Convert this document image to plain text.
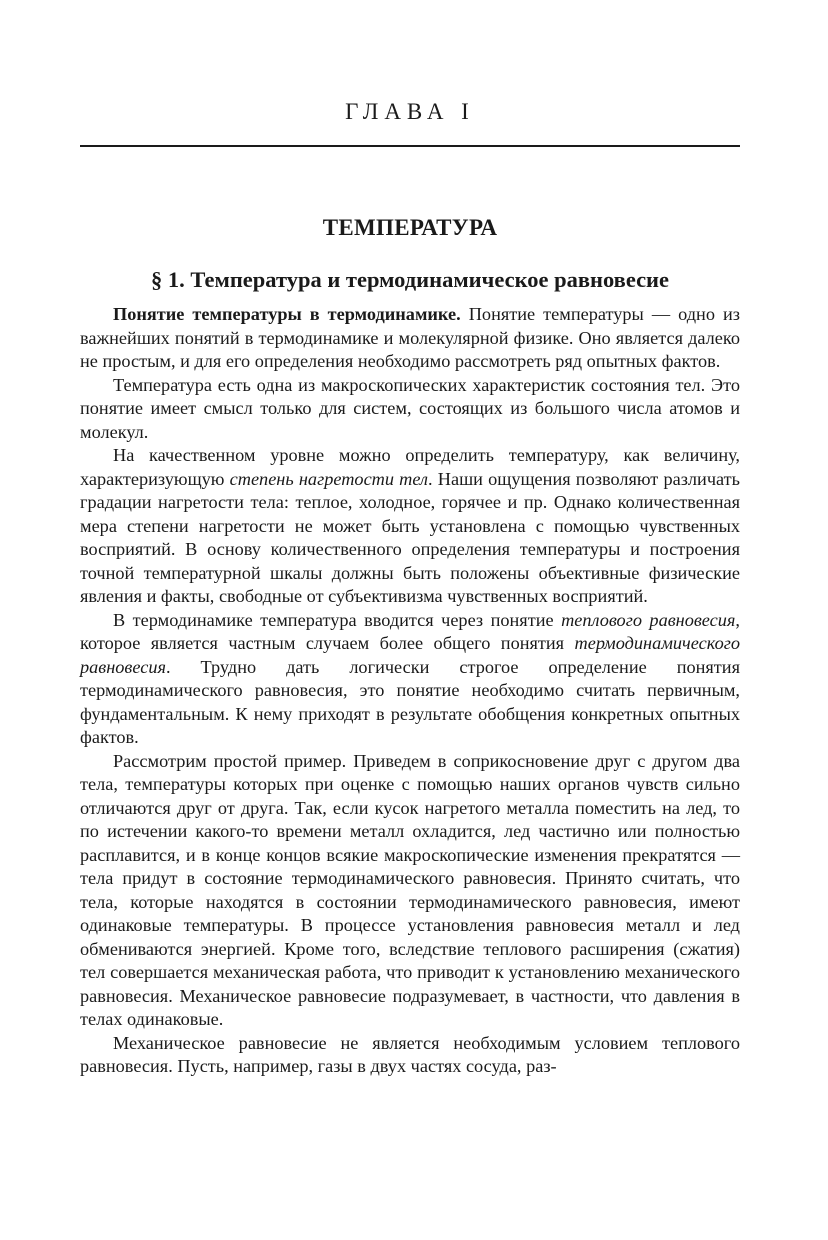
ГЛАВА I
ТЕМПЕРАТУРА
§ 1. Температура и термодинамическое равновесие

Понятие температуры в термодинамике. Понятие температуры — одно из важнейших понятий в термодинамике и молекулярной физике. Оно является далеко не простым, и для его определения необходимо рассмотреть ряд опытных фактов.

Температура есть одна из макроскопических характеристик состояния тел. Это понятие имеет смысл только для систем, состоящих из большого числа атомов и молекул.

На качественном уровне можно определить температуру, как величину, характеризующую степень нагретости тел. Наши ощущения позволяют различать градации нагретости тела: теплое, холодное, горячее и пр. Однако количественная мера степени нагретости не может быть установлена с помощью чувственных восприятий. В основу количественного определения температуры и построения точной температурной шкалы должны быть положены объективные физические явления и факты, свободные от субъективизма чувственных восприятий.

В термодинамике температура вводится через понятие теплового равновесия, которое является частным случаем более общего понятия термодинамического равновесия. Трудно дать логически строгое определение понятия термодинамического равновесия, это понятие необходимо считать первичным, фундаментальным. К нему приходят в результате обобщения конкретных опытных фактов.

Рассмотрим простой пример. Приведем в соприкосновение друг с другом два тела, температуры которых при оценке с помощью наших органов чувств сильно отличаются друг от друга. Так, если кусок нагретого металла поместить на лед, то по истечении какого-то времени металл охладится, лед частично или полностью расплавится, и в конце концов всякие макроскопические изменения прекратятся — тела придут в состояние термодинамического равновесия. Принято считать, что тела, которые находятся в состоянии термодинамического равновесия, имеют одинаковые температуры. В процессе установления равновесия металл и лед обмениваются энергией. Кроме того, вследствие теплового расширения (сжатия) тел совершается механическая работа, что приводит к установлению механического равновесия. Механическое равновесие подразумевает, в частности, что давления в телах одинаковые.

Механическое равновесие не является необходимым условием теплового равновесия. Пусть, например, газы в двух частях сосуда, раз-
